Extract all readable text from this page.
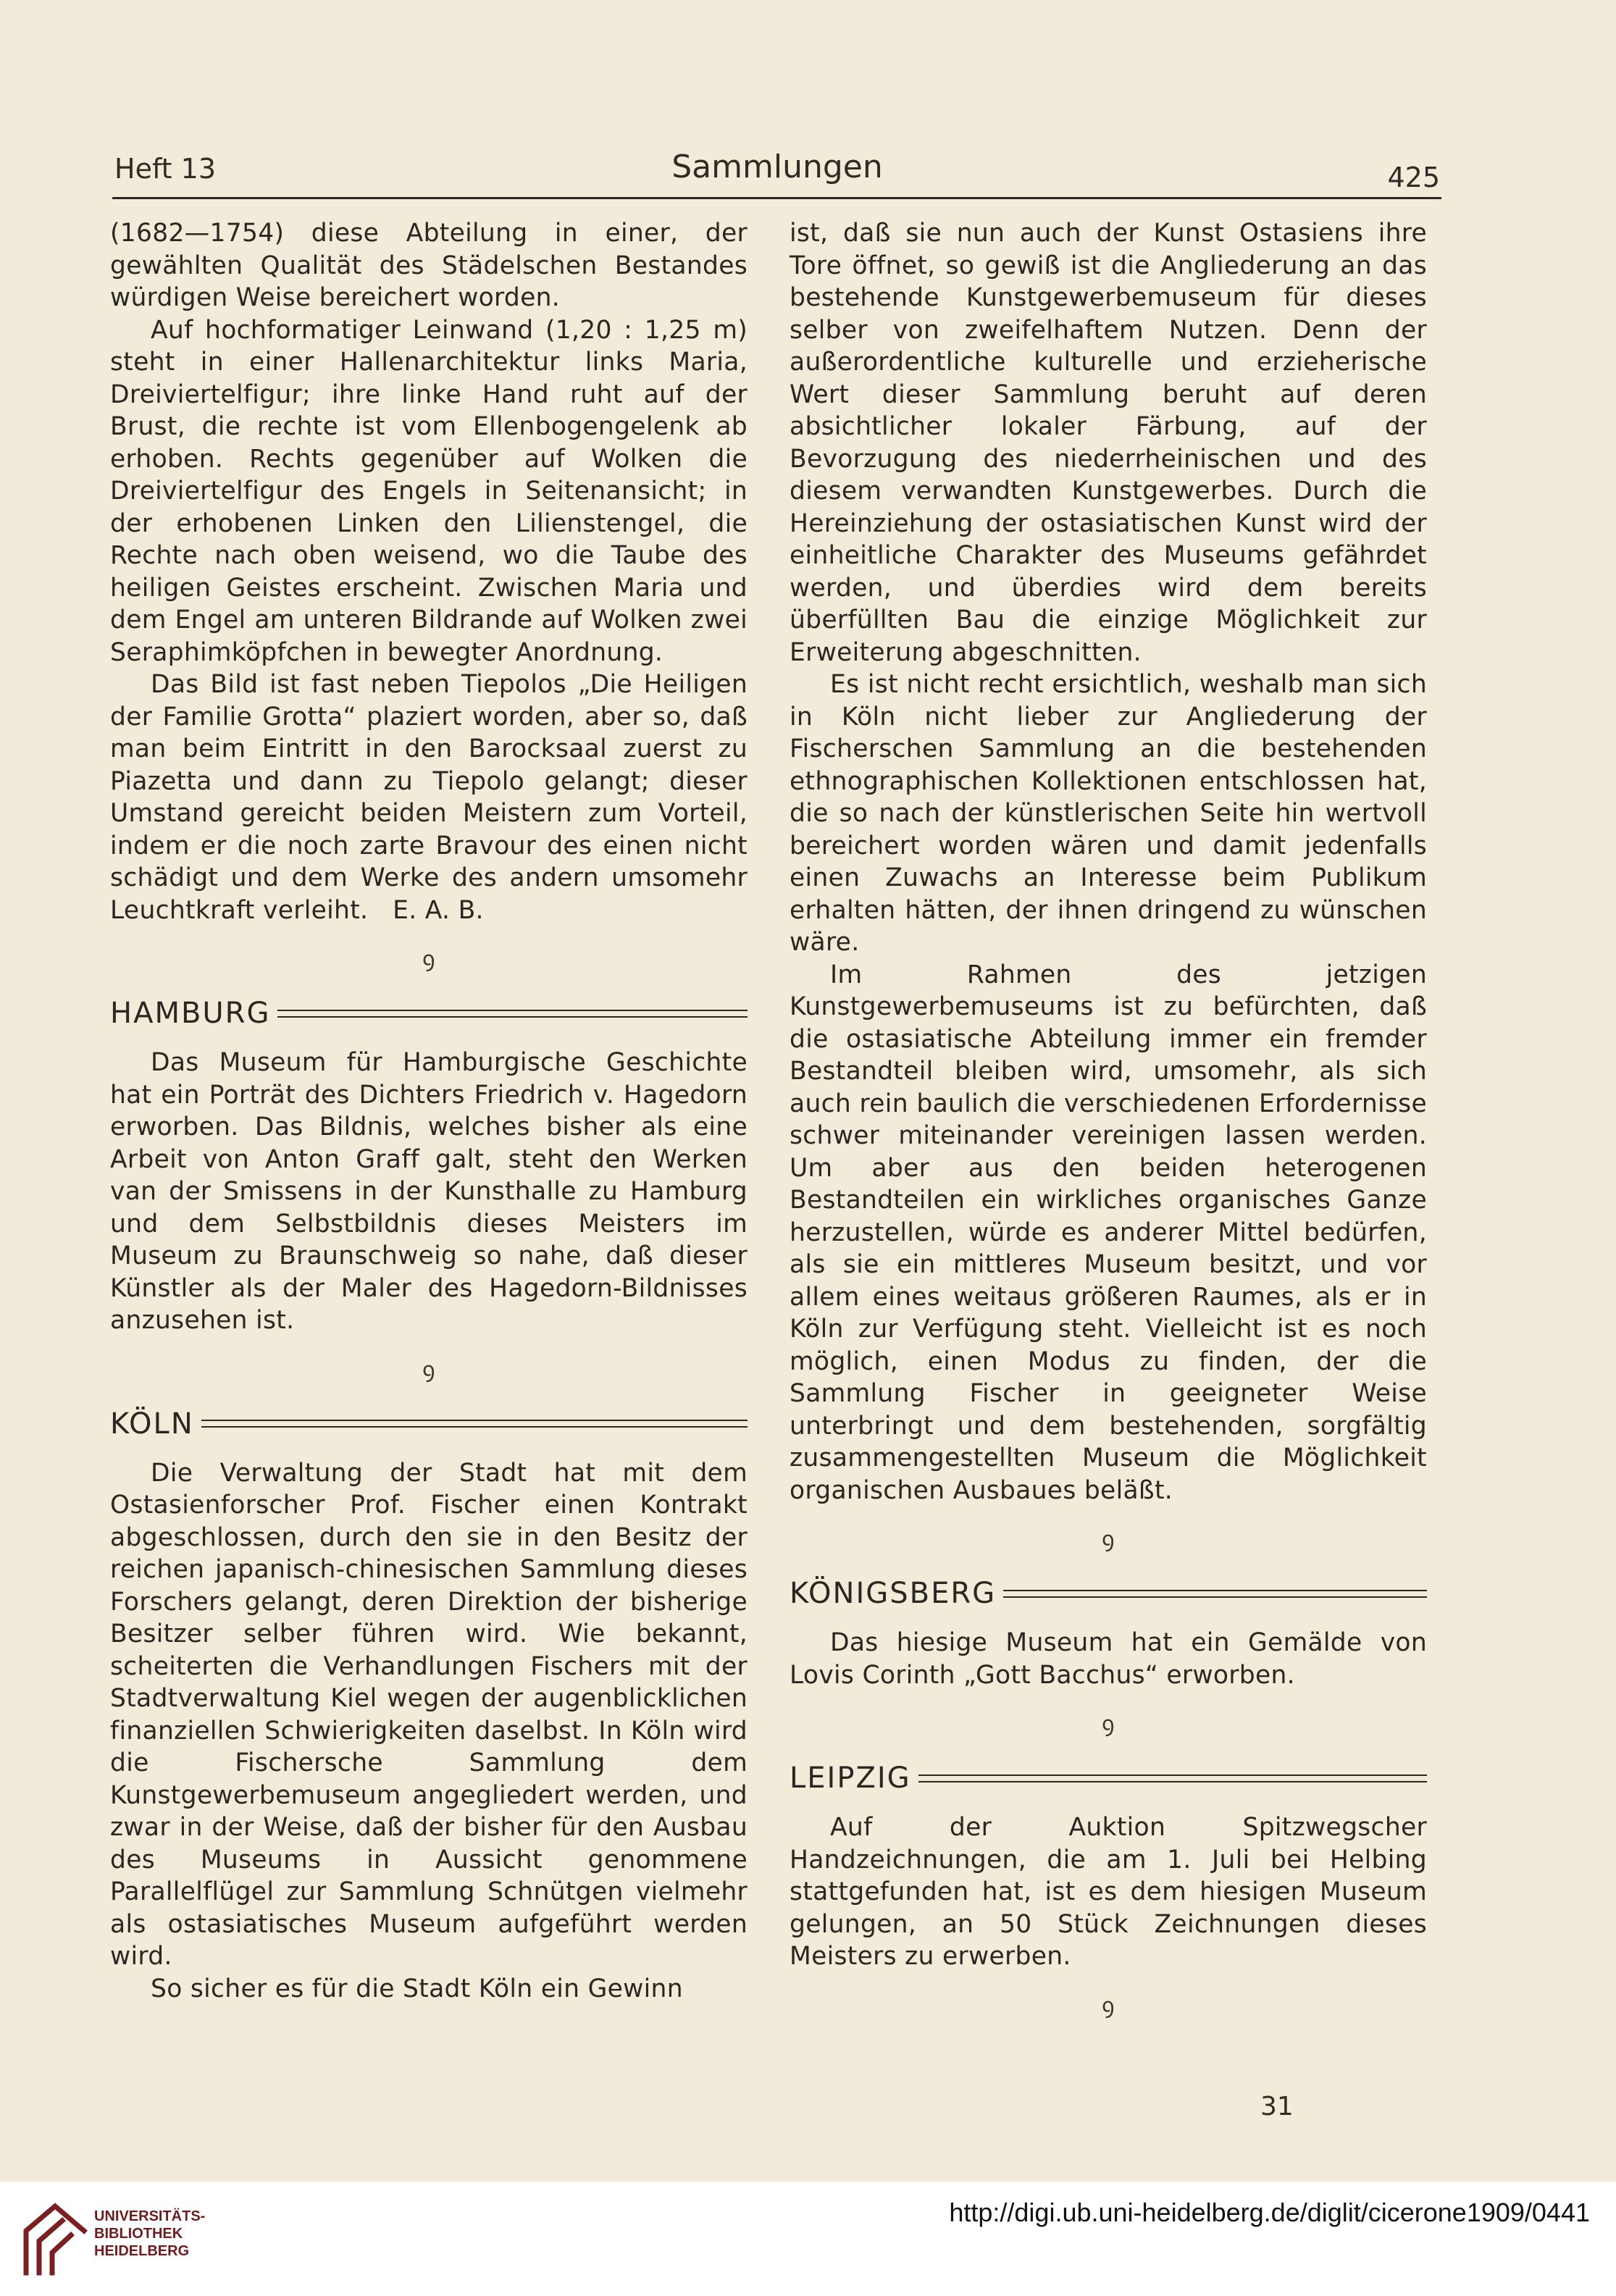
Heft 13	Sammlungen	425

(1682—1754) diese Abteilung in einer, der gewählten Qualität des Städelschen Bestandes würdigen Weise bereichert worden.

Auf hochformatiger Leinwand (1,20 : 1,25 m) steht in einer Hallenarchitektur links Maria, Dreiviertelfigur; ihre linke Hand ruht auf der Brust, die rechte ist vom Ellenbogengelenk ab erhoben. Rechts gegenüber auf Wolken die Dreiviertelfigur des Engels in Seitenansicht; in der erhobenen Linken den Lilienstengel, die Rechte nach oben weisend, wo die Taube des heiligen Geistes erscheint. Zwischen Maria und dem Engel am unteren Bildrande auf Wolken zwei Seraphimköpfchen in bewegter Anordnung.

Das Bild ist fast neben Tiepolos „Die Heiligen der Familie Grotta“ plaziert worden, aber so, daß man beim Eintritt in den Barocksaal zuerst zu Piazetta und dann zu Tiepolo gelangt; dieser Umstand gereicht beiden Meistern zum Vorteil, indem er die noch zarte Bravour des einen nicht schädigt und dem Werke des andern umsomehr Leuchtkraft verleiht. E. A. B.

ꝯ
HAMBURG

Das Museum für Hamburgische Geschichte hat ein Porträt des Dichters Friedrich v. Hagedorn erworben. Das Bildnis, welches bisher als eine Arbeit von Anton Graff galt, steht den Werken van der Smissens in der Kunsthalle zu Hamburg und dem Selbstbildnis dieses Meisters im Museum zu Braunschweig so nahe, daß dieser Künstler als der Maler des Hagedorn-Bildnisses anzusehen ist.

ꝯ
KÖLN

Die Verwaltung der Stadt hat mit dem Ostasienforscher Prof. Fischer einen Kontrakt abgeschlossen, durch den sie in den Besitz der reichen japanisch-chinesischen Sammlung dieses Forschers gelangt, deren Direktion der bisherige Besitzer selber führen wird. Wie bekannt, scheiterten die Verhandlungen Fischers mit der Stadtverwaltung Kiel wegen der augenblicklichen finanziellen Schwierigkeiten daselbst. In Köln wird die Fischersche Sammlung dem Kunstgewerbemuseum angegliedert werden, und zwar in der Weise, daß der bisher für den Ausbau des Museums in Aussicht genommene Parallelflügel zur Sammlung Schnütgen vielmehr als ostasiatisches Museum aufgeführt werden wird.

So sicher es für die Stadt Köln ein Gewinn

ist, daß sie nun auch der Kunst Ostasiens ihre Tore öffnet, so gewiß ist die Angliederung an das bestehende Kunstgewerbemuseum für dieses selber von zweifelhaftem Nutzen. Denn der außerordentliche kulturelle und erzieherische Wert dieser Sammlung beruht auf deren absichtlicher lokaler Färbung, auf der Bevorzugung des niederrheinischen und des diesem verwandten Kunstgewerbes. Durch die Hereinziehung der ostasiatischen Kunst wird der einheitliche Charakter des Museums gefährdet werden, und überdies wird dem bereits überfüllten Bau die einzige Möglichkeit zur Erweiterung abgeschnitten.

Es ist nicht recht ersichtlich, weshalb man sich in Köln nicht lieber zur Angliederung der Fischerschen Sammlung an die bestehenden ethnographischen Kollektionen entschlossen hat, die so nach der künstlerischen Seite hin wertvoll bereichert worden wären und damit jedenfalls einen Zuwachs an Interesse beim Publikum erhalten hätten, der ihnen dringend zu wünschen wäre.

Im Rahmen des jetzigen Kunstgewerbemuseums ist zu befürchten, daß die ostasiatische Abteilung immer ein fremder Bestandteil bleiben wird, umsomehr, als sich auch rein baulich die verschiedenen Erfordernisse schwer miteinander vereinigen lassen werden. Um aber aus den beiden heterogenen Bestandteilen ein wirkliches organisches Ganze herzustellen, würde es anderer Mittel bedürfen, als sie ein mittleres Museum besitzt, und vor allem eines weitaus größeren Raumes, als er in Köln zur Verfügung steht. Vielleicht ist es noch möglich, einen Modus zu finden, der die Sammlung Fischer in geeigneter Weise unterbringt und dem bestehenden, sorgfältig zusammengestellten Museum die Möglichkeit organischen Ausbaues beläßt.

ꝯ
KÖNIGSBERG

Das hiesige Museum hat ein Gemälde von Lovis Corinth „Gott Bacchus“ erworben.

ꝯ
LEIPZIG

Auf der Auktion Spitzwegscher Handzeichnungen, die am 1. Juli bei Helbing stattgefunden hat, ist es dem hiesigen Museum gelungen, an 50 Stück Zeichnungen dieses Meisters zu erwerben.

ꝯ
31
UNIVERSITÄTS-
BIBLIOTHEK
HEIDELBERG
http://digi.ub.uni-heidelberg.de/diglit/cicerone1909/0441
